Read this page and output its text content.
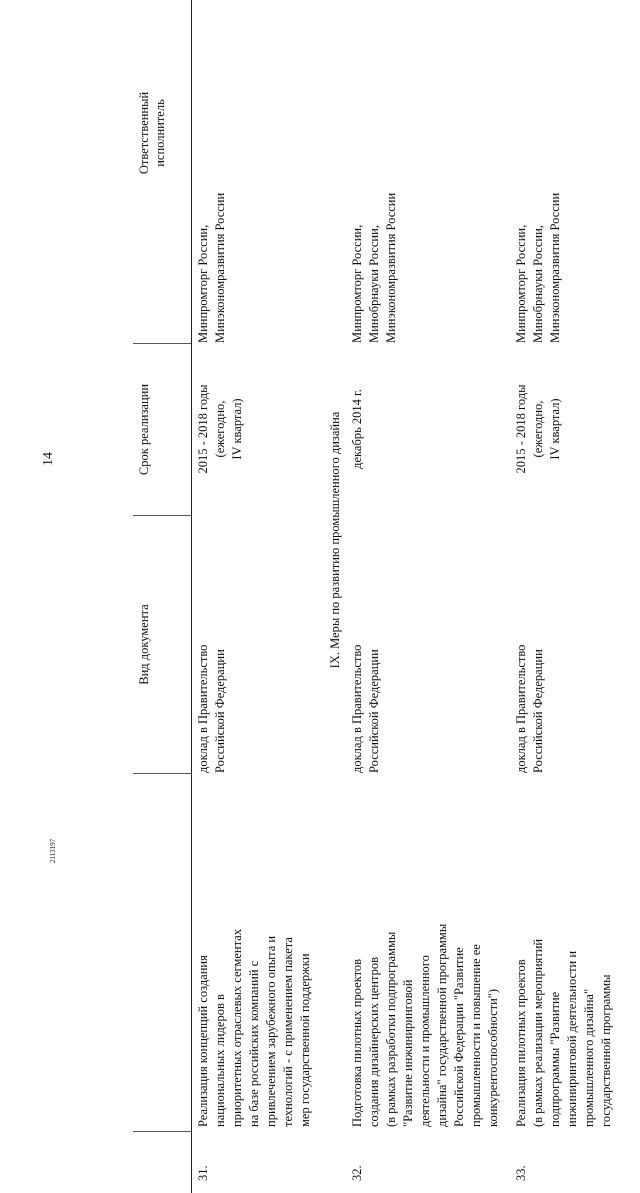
14
2113197
Вид документа
Срок реализации
Ответственный исполнитель
31.
Реализация концепций создания национальных лидеров в приоритетных отраслевых сегментах на базе российских компаний с привлечением зарубежного опыта и технологий - с применением пакета мер государственной поддержки
доклад в Правительство Российской Федерации
2015 - 2018 годы (ежегодно, IV квартал)
Минпромторг России, Минэкономразвития России
IX. Меры по развитию промышленного дизайна
32.
Подготовка пилотных проектов создания дизайнерских центров (в рамках разработки подпрограммы "Развитие инжиниринговой деятельности и промышленного дизайна" государственной программы Российской Федерации "Развитие промышленности и повышение ее конкурентоспособности")
доклад в Правительство Российской Федерации
декабрь 2014 г.
Минпромторг России, Минобрнауки России, Минэкономразвития России
33.
Реализация пилотных проектов (в рамках реализации мероприятий подпрограммы "Развитие инжиниринговой деятельности и промышленного дизайна" государственной программы
доклад в Правительство Российской Федерации
2015 - 2018 годы (ежегодно, IV квартал)
Минпромторг России, Минобрнауки России, Минэкономразвития России
